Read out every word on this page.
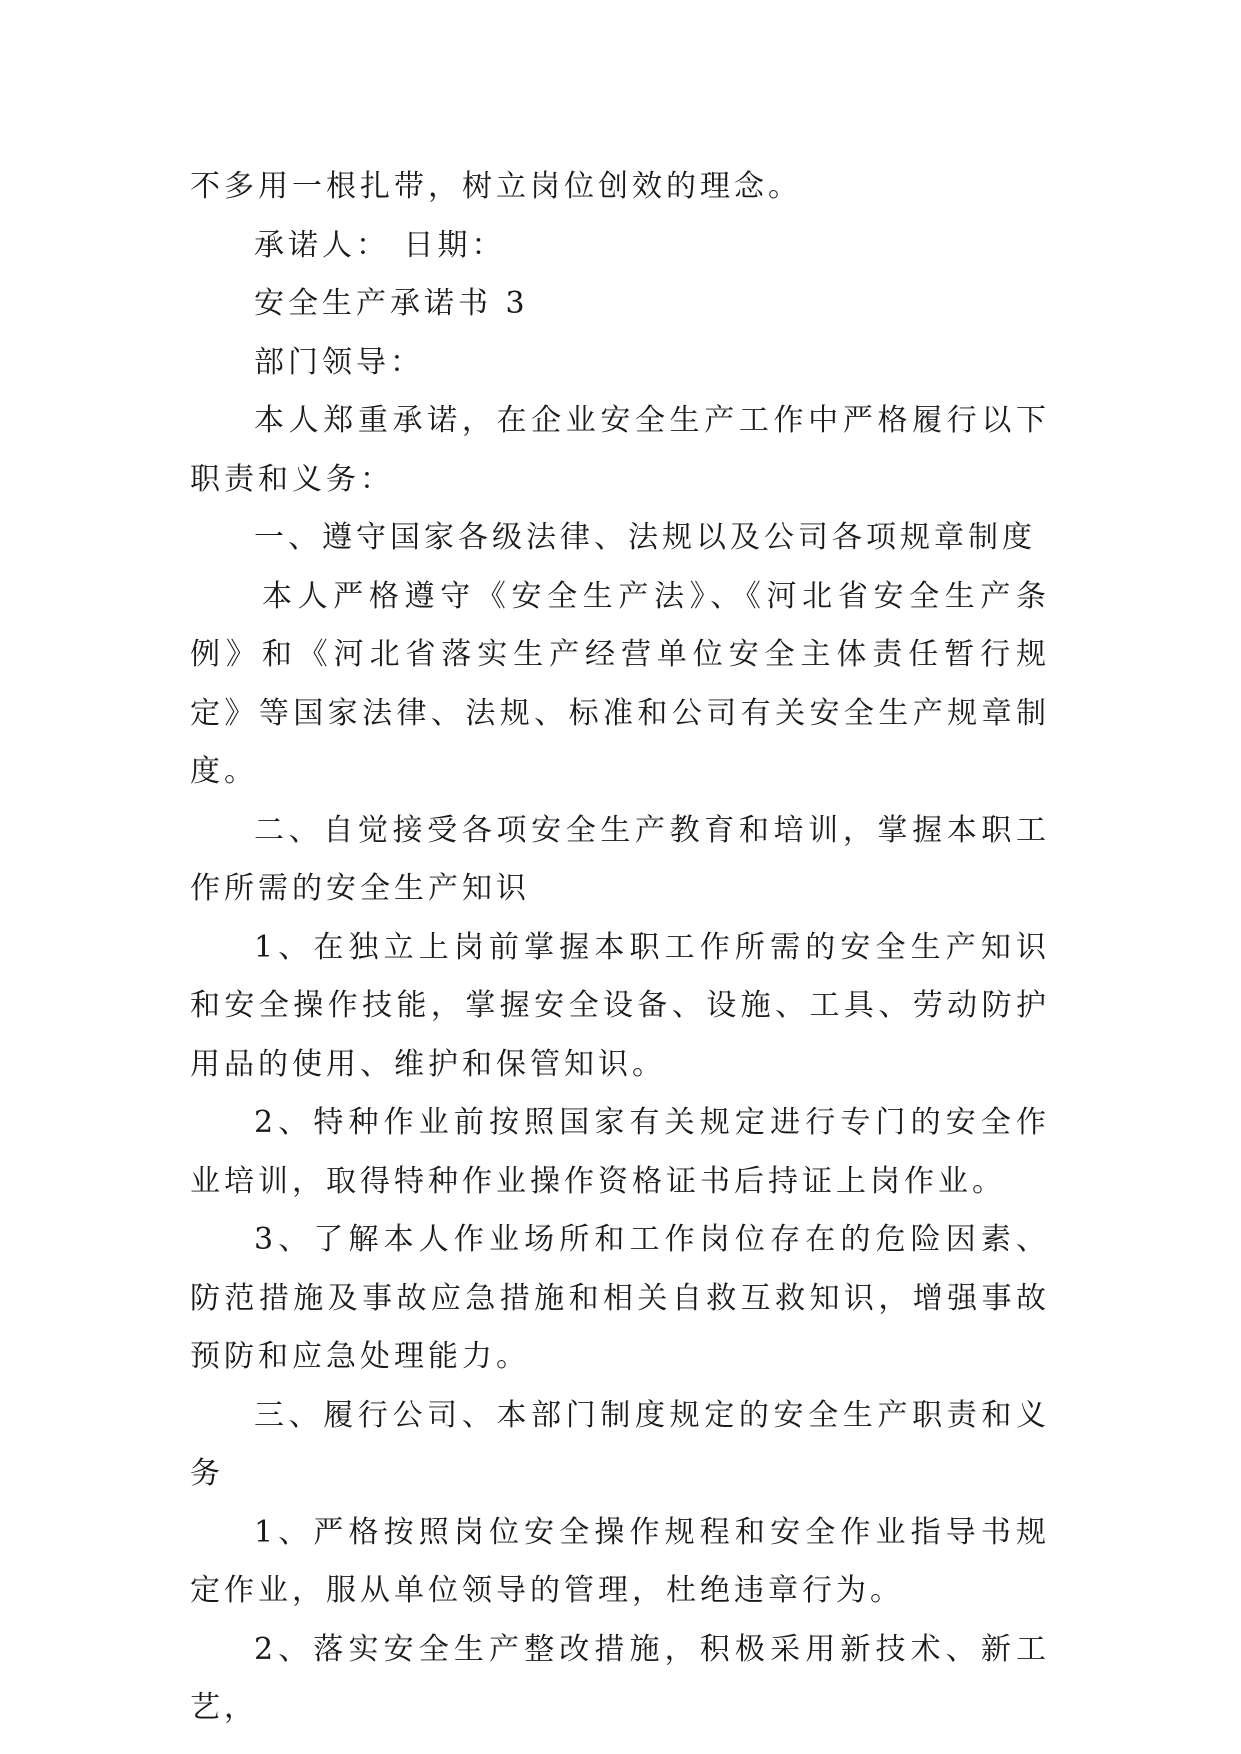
不多用一根扎带，树立岗位创效的理念。

承诺人： 日期：

安全生产承诺书 3

部门领导：

本人郑重承诺，在企业安全生产工作中严格履行以下职责和义务：

一、遵守国家各级法律、法规以及公司各项规章制度

本人严格遵守《安全生产法》、《河北省安全生产条例》和《河北省落实生产经营单位安全主体责任暂行规定》等国家法律、法规、标准和公司有关安全生产规章制度。

二、自觉接受各项安全生产教育和培训，掌握本职工作所需的安全生产知识

1、在独立上岗前掌握本职工作所需的安全生产知识和安全操作技能，掌握安全设备、设施、工具、劳动防护用品的使用、维护和保管知识。

2、特种作业前按照国家有关规定进行专门的安全作业培训，取得特种作业操作资格证书后持证上岗作业。

3、了解本人作业场所和工作岗位存在的危险因素、防范措施及事故应急措施和相关自救互救知识，增强事故预防和应急处理能力。

三、履行公司、本部门制度规定的安全生产职责和义务

1、严格按照岗位安全操作规程和安全作业指导书规定作业，服从单位领导的管理，杜绝违章行为。

2、落实安全生产整改措施，积极采用新技术、新工艺，
